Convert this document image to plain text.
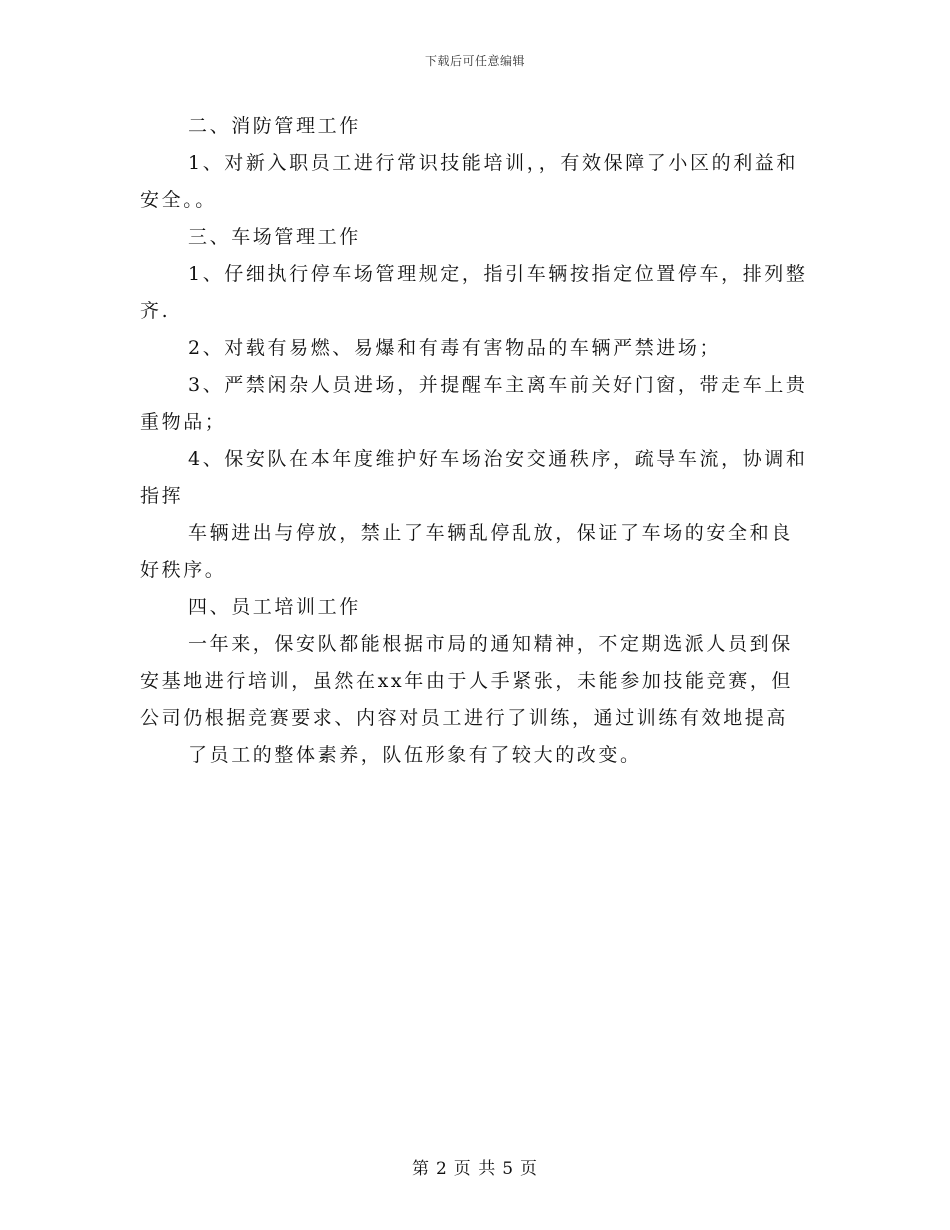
下载后可任意编辑
二、消防管理工作
1、对新入职员工进行常识技能培训，，有效保障了小区的利益和
安全。。
三、车场管理工作
1、仔细执行停车场管理规定，指引车辆按指定位置停车，排列整
齐.
2、对载有易燃、易爆和有毒有害物品的车辆严禁进场；
3、严禁闲杂人员进场，并提醒车主离车前关好门窗，带走车上贵
重物品；
4、保安队在本年度维护好车场治安交通秩序，疏导车流，协调和
指挥
车辆进出与停放，禁止了车辆乱停乱放，保证了车场的安全和良
好秩序。
四、员工培训工作
一年来，保安队都能根据市局的通知精神，不定期选派人员到保
安基地进行培训，虽然在xx年由于人手紧张，未能参加技能竞赛，但
公司仍根据竞赛要求、内容对员工进行了训练，通过训练有效地提高
了员工的整体素养，队伍形象有了较大的改变。
第 2 页 共 5 页
